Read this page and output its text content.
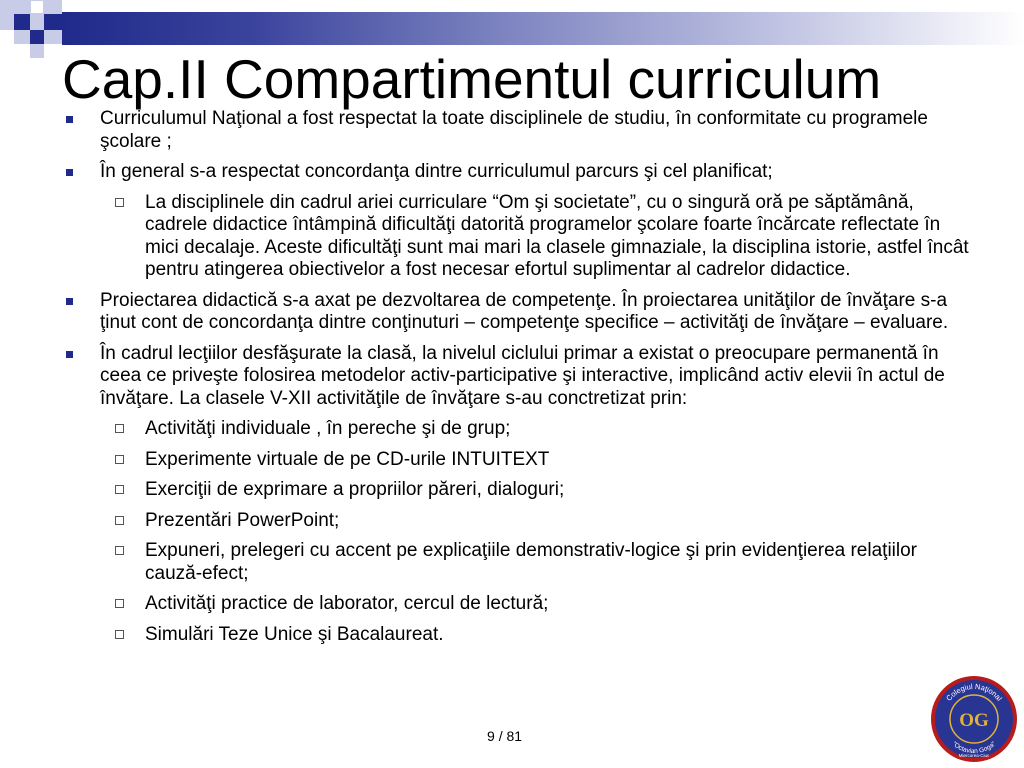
Cap.II Compartimentul curriculum
Curriculumul Naţional a fost respectat la toate disciplinele de studiu, în conformitate cu programele şcolare ;
În general s-a respectat concordanţa dintre curriculumul parcurs şi cel planificat;
La disciplinele din cadrul ariei curriculare “Om şi societate”, cu o singură oră pe săptămână, cadrele didactice întâmpină dificultăţi datorită programelor şcolare foarte încărcate reflectate în mici decalaje. Aceste dificultăţi sunt mai mari la clasele gimnaziale, la disciplina istorie, astfel încât pentru atingerea obiectivelor a fost necesar efortul suplimentar al cadrelor didactice.
Proiectarea didactică s-a axat pe dezvoltarea de competenţe. În proiectarea unităţilor de învăţare s-a ţinut cont de concordanţa dintre conţinuturi – competenţe specifice – activităţi de învăţare – evaluare.
În cadrul lecţiilor desfăşurate la clasă, la nivelul ciclului primar a existat o preocupare permanentă în ceea ce priveşte folosirea metodelor activ-participative şi interactive, implicând activ elevii în actul de învăţare. La clasele V-XII activităţile de învăţare s-au conctretizat prin:
Activităţi individuale , în pereche şi de grup;
Experimente virtuale de pe CD-urile INTUITEXT
Exerciţii de exprimare a propriilor păreri, dialoguri;
Prezentări PowerPoint;
Expuneri, prelegeri cu accent pe explicaţiile demonstrativ-logice şi prin evidenţierea relaţiilor cauză-efect;
Activităţi practice de laborator, cercul de lectură;
Simulări Teze Unice şi Bacalaureat.
9 / 81
Colegiul Naţional
"Octavian Goga"
OG
Miercurea-Ciuc
